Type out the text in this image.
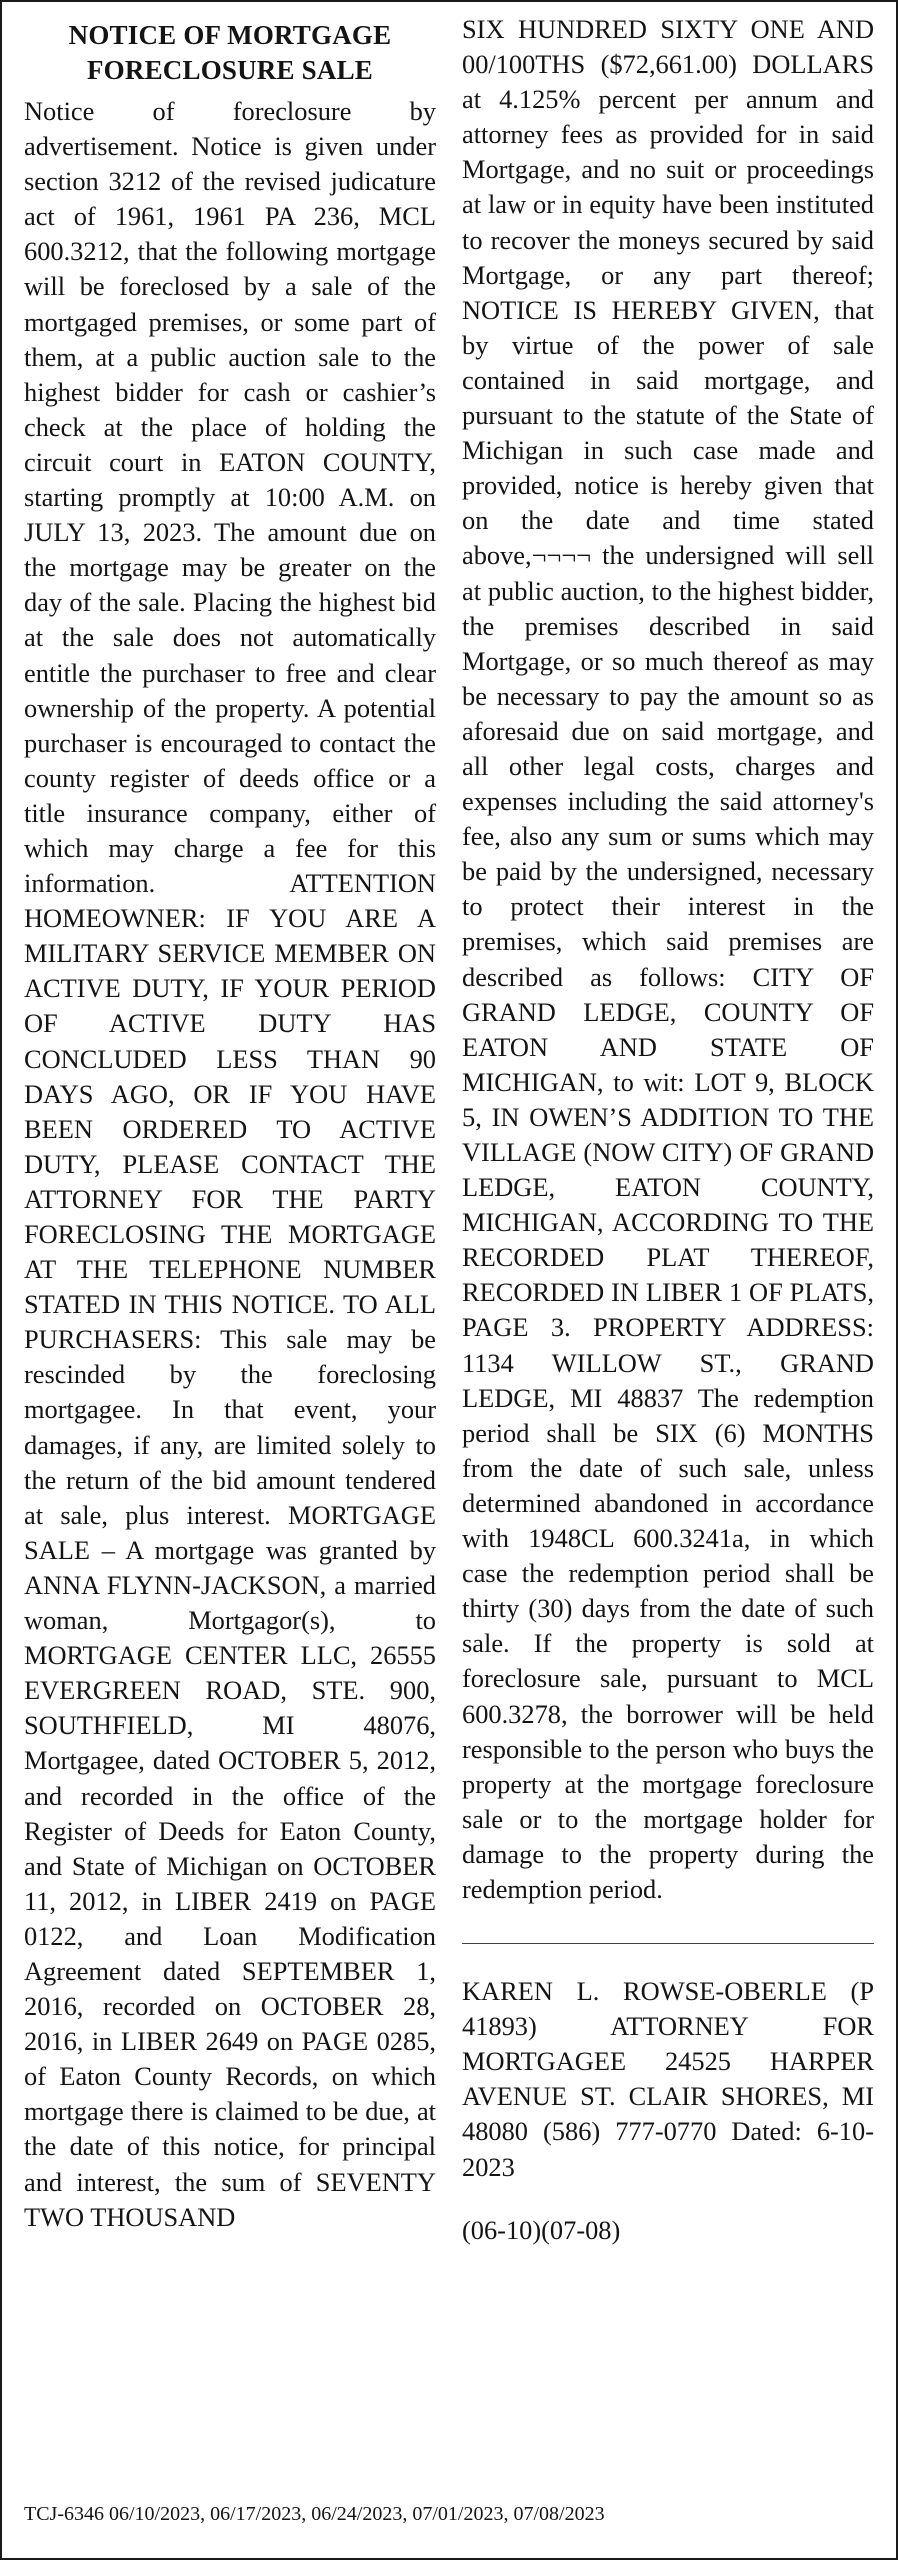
NOTICE OF MORTGAGE FORECLOSURE SALE

Notice of foreclosure by advertisement. Notice is given under section 3212 of the revised judicature act of 1961, 1961 PA 236, MCL 600.3212, that the following mortgage will be foreclosed by a sale of the mortgaged premises, or some part of them, at a public auction sale to the highest bidder for cash or cashier’s check at the place of holding the circuit court in EATON COUNTY, starting promptly at 10:00 A.M. on JULY 13, 2023. The amount due on the mortgage may be greater on the day of the sale. Placing the highest bid at the sale does not automatically entitle the purchaser to free and clear ownership of the property. A potential purchaser is encouraged to contact the county register of deeds office or a title insurance company, either of which may charge a fee for this information. ATTENTION HOMEOWNER: IF YOU ARE A MILITARY SERVICE MEMBER ON ACTIVE DUTY, IF YOUR PERIOD OF ACTIVE DUTY HAS CONCLUDED LESS THAN 90 DAYS AGO, OR IF YOU HAVE BEEN ORDERED TO ACTIVE DUTY, PLEASE CONTACT THE ATTORNEY FOR THE PARTY FORECLOSING THE MORTGAGE AT THE TELEPHONE NUMBER STATED IN THIS NOTICE. TO ALL PURCHASERS: This sale may be rescinded by the foreclosing mortgagee. In that event, your damages, if any, are limited solely to the return of the bid amount tendered at sale, plus interest. MORTGAGE SALE – A mortgage was granted by ANNA FLYNN-JACKSON, a married woman, Mortgagor(s), to MORTGAGE CENTER LLC, 26555 EVERGREEN ROAD, STE. 900, SOUTHFIELD, MI 48076, Mortgagee, dated OCTOBER 5, 2012, and recorded in the office of the Register of Deeds for Eaton County, and State of Michigan on OCTOBER 11, 2012, in LIBER 2419 on PAGE 0122, and Loan Modification Agreement dated SEPTEMBER 1, 2016, recorded on OCTOBER 28, 2016, in LIBER 2649 on PAGE 0285, of Eaton County Records, on which mortgage there is claimed to be due, at the date of this notice, for principal and interest, the sum of SEVENTY TWO THOUSAND

SIX HUNDRED SIXTY ONE AND 00/100THS ($72,661.00) DOLLARS at 4.125% percent per annum and attorney fees as provided for in said Mortgage, and no suit or proceedings at law or in equity have been instituted to recover the moneys secured by said Mortgage, or any part thereof; NOTICE IS HEREBY GIVEN, that by virtue of the power of sale contained in said mortgage, and pursuant to the statute of the State of Michigan in such case made and provided, notice is hereby given that on the date and time stated above,¬¬¬¬ the undersigned will sell at public auction, to the highest bidder, the premises described in said Mortgage, or so much thereof as may be necessary to pay the amount so as aforesaid due on said mortgage, and all other legal costs, charges and expenses including the said attorney's fee, also any sum or sums which may be paid by the undersigned, necessary to protect their interest in the premises, which said premises are described as follows: CITY OF GRAND LEDGE, COUNTY OF EATON AND STATE OF MICHIGAN, to wit: LOT 9, BLOCK 5, IN OWEN’S ADDITION TO THE VILLAGE (NOW CITY) OF GRAND LEDGE, EATON COUNTY, MICHIGAN, ACCORDING TO THE RECORDED PLAT THEREOF, RECORDED IN LIBER 1 OF PLATS, PAGE 3. PROPERTY ADDRESS: 1134 WILLOW ST., GRAND LEDGE, MI 48837 The redemption period shall be SIX (6) MONTHS from the date of such sale, unless determined abandoned in accordance with 1948CL 600.3241a, in which case the redemption period shall be thirty (30) days from the date of such sale. If the property is sold at foreclosure sale, pursuant to MCL 600.3278, the borrower will be held responsible to the person who buys the property at the mortgage foreclosure sale or to the mortgage holder for damage to the property during the redemption period.

KAREN L. ROWSE-OBERLE (P 41893) ATTORNEY FOR MORTGAGEE 24525 HARPER AVENUE ST. CLAIR SHORES, MI 48080 (586) 777-0770 Dated: 6-10-2023

(06-10)(07-08)

TCJ-6346 06/10/2023, 06/17/2023, 06/24/2023, 07/01/2023, 07/08/2023
